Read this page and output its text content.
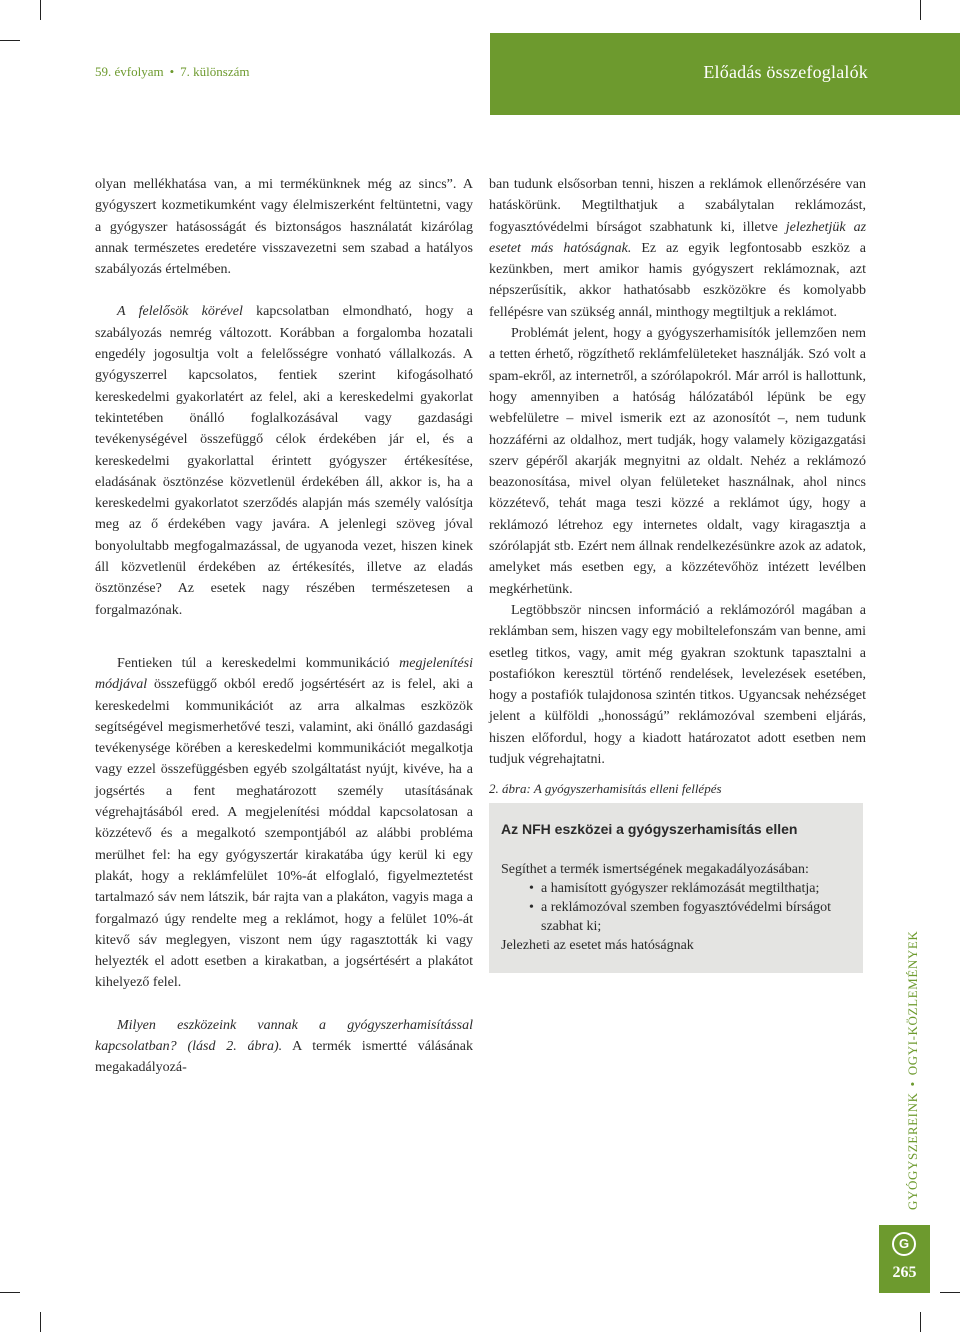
59. évfolyam • 7. különszám	Előadás összefoglalók

olyan mellékhatása van, a mi termékünknek még az sincs”. A gyógyszert kozmetikumként vagy élelmiszerként feltüntetni, vagy a gyógyszer hatásosságát és biztonságos használatát kizárólag annak természetes eredetére visszavezetni sem szabad a hatályos szabályozás értelmében.

A felelősök körével kapcsolatban elmondható, hogy a szabályozás nemrég változott. Korábban a forgalomba hozatali engedély jogosultja volt a felelősségre vonható vállalkozás. A gyógyszerrel kapcsolatos, fentiek szerint kifogásolható kereskedelmi gyakorlatért az felel, aki a kereskedelmi gyakorlat tekintetében önálló foglalkozásával vagy gazdasági tevékenységével összefüggő célok érdekében jár el, és a kereskedelmi gyakorlattal érintett gyógyszer értékesítése, eladásának ösztönzése közvetlenül érdekében áll, akkor is, ha a kereskedelmi gyakorlatot szerződés alapján más személy valósítja meg az ő érdekében vagy javára. A jelenlegi szöveg jóval bonyolultabb megfogalmazással, de ugyanoda vezet, hiszen kinek áll közvetlenül érdekében az értékesítés, illetve az eladás ösztönzése? Az esetek nagy részében természetesen a forgalmazónak.

Fentieken túl a kereskedelmi kommunikáció megjelenítési módjával összefüggő okból eredő jogsértésért az is felel, aki a kereskedelmi kommunikációt az arra alkalmas eszközök segítségével megismerhetővé teszi, valamint, aki önálló gazdasági tevékenysége körében a kereskedelmi kommunikációt megalkotja vagy ezzel összefüggésben egyéb szolgáltatást nyújt, kivéve, ha a jogsértés a fent meghatározott személy utasításának végrehajtásából ered. A megjelenítési móddal kapcsolatosan a közzétevő és a megalkotó szempontjából az alábbi probléma merülhet fel: ha egy gyógyszertár kirakatába úgy kerül ki egy plakát, hogy a reklámfelület 10%-át elfoglaló, figyelmeztetést tartalmazó sáv nem látszik, bár rajta van a plakáton, vagyis maga a forgalmazó úgy rendelte meg a reklámot, hogy a felület 10%-át kitevő sáv meglegyen, viszont nem úgy ragasztották ki vagy helyezték el adott esetben a kirakatban, a jogsértésért a plakátot kihelyező felel.

Milyen eszközeink vannak a gyógyszerhamisítással kapcsolatban? (lásd 2. ábra). A termék ismertté válásának megakadályozá-

ban tudunk elsősorban tenni, hiszen a reklámok ellenőrzésére van hatáskörünk. Megtilthatjuk a szabálytalan reklámozást, fogyasztóvédelmi bírságot szabhatunk ki, illetve jelezhetjük az esetet más hatóságnak. Ez az egyik legfontosabb eszköz a kezünkben, mert amikor hamis gyógyszert reklámoznak, azt népszerűsítik, akkor hathatósabb eszközökre és komolyabb fellépésre van szükség annál, minthogy megtiltjuk a reklámot.

Problémát jelent, hogy a gyógyszerhamisítók jellemzően nem a tetten érhető, rögzíthető reklámfelületeket használják. Szó volt a spam-ekről, az internetről, a szórólapokról. Már arról is hallottunk, hogy amennyiben a hatóság hálózatából lépünk be egy webfelületre – mivel ismerik ezt az azonosítót –, nem tudunk hozzáférni az oldalhoz, mert tudják, hogy valamely közigazgatási szerv gépéről akarják megnyitni az oldalt. Nehéz a reklámozó beazonosítása, mivel olyan felületeket használnak, ahol nincs közzétevő, tehát maga teszi közzé a reklámot úgy, hogy a reklámozó létrehoz egy internetes oldalt, vagy kiragasztja a szórólapját stb. Ezért nem állnak rendelkezésünkre azok az adatok, amelyket más esetben egy, a közzétevőhöz intézett levélben megkérhetünk.

Legtöbbször nincsen információ a reklámozóról magában a reklámban sem, hiszen vagy egy mobiltelefonszám van benne, ami esetleg titkos, vagy, amit még gyakran szoktunk tapasztalni a postafiókon keresztül történő rendelések, levelezések esetében, hogy a postafiók tulajdonosa szintén titkos. Ugyancsak nehézséget jelent a külföldi „honosságú” reklámozóval szembeni eljárás, hiszen előfordul, hogy a kiadott határozatot adott esetben nem tudjuk végrehajtatni.

2. ábra: A gyógyszerhamisítás elleni fellépés
Az NFH eszközei a gyógyszerhamisítás ellen
Segíthet a termék ismertségének megakadályozásában:
• a hamisított gyógyszer reklámozását megtilthatja;
• a reklámozóval szemben fogyasztóvédelmi bírságot szabhat ki;
Jelezheti az esetet más hatóságnak
GYÓGYSZEREINK•OGYI-KÖZLEMÉNYEK
G
265
